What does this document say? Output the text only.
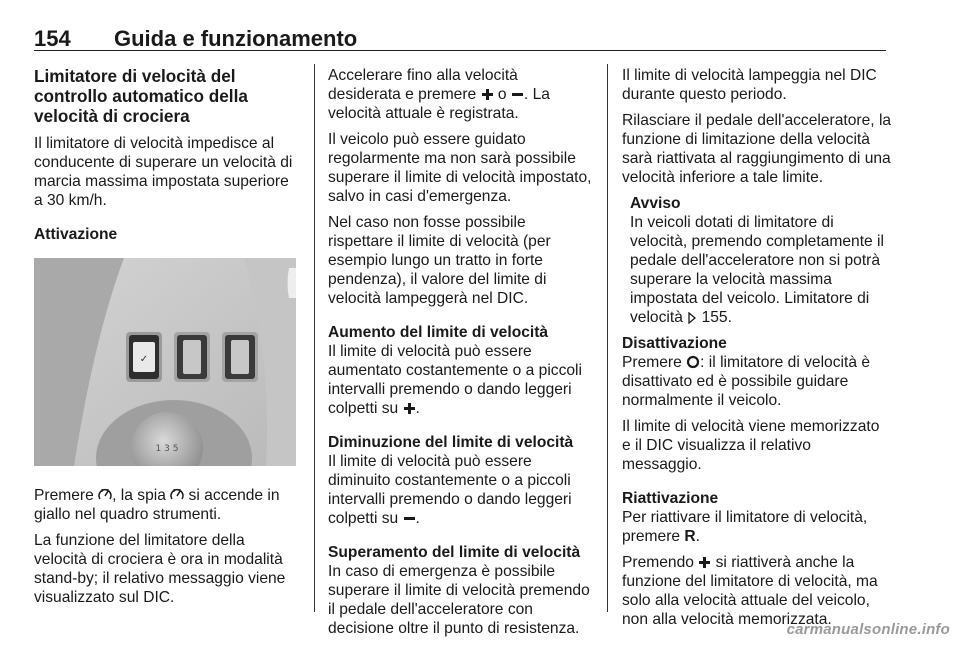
154 Guida e funzionamento
Limitatore di velocità del controllo automatico della velocità di crociera

Il limitatore di velocità impedisce al conducente di superare un velocità di marcia massima impostata superiore a 30 km/h.

Attivazione
✓
1 3 5

Premere , la spia  si accende in giallo nel quadro strumenti.

La funzione del limitatore della velocità di crociera è ora in modalità stand-by; il relativo messaggio viene visualizzato sul DIC.

Accelerare fino alla velocità desiderata e premere  o . La velocità attuale è registrata.

Il veicolo può essere guidato regolarmente ma non sarà possibile superare il limite di velocità impostato, salvo in casi d'emergenza.

Nel caso non fosse possibile rispettare il limite di velocità (per esempio lungo un tratto in forte pendenza), il valore del limite di velocità lampeggerà nel DIC.

Aumento del limite di velocità

Il limite di velocità può essere aumentato costantemente o a piccoli intervalli premendo o dando leggeri colpetti su .

Diminuzione del limite di velocità

Il limite di velocità può essere diminuito costantemente o a piccoli intervalli premendo o dando leggeri colpetti su .

Superamento del limite di velocità

In caso di emergenza è possibile superare il limite di velocità premendo il pedale dell'acceleratore con decisione oltre il punto di resistenza.

Il limite di velocità lampeggia nel DIC durante questo periodo.

Rilasciare il pedale dell'acceleratore, la funzione di limitazione della velocità sarà riattivata al raggiungimento di una velocità inferiore a tale limite.

Avviso

In veicoli dotati di limitatore di velocità, premendo completamente il pedale dell'acceleratore non si potrà superare la velocità massima impostata del veicolo. Limitatore di velocità  155.

Disattivazione

Premere : il limitatore di velocità è disattivato ed è possibile guidare normalmente il veicolo.

Il limite di velocità viene memorizzato e il DIC visualizza il relativo messaggio.

Riattivazione

Per riattivare il limitatore di velocità, premere R.

Premendo  si riattiverà anche la funzione del limitatore di velocità, ma solo alla velocità attuale del veicolo, non alla velocità memorizzata.

carmanualsonline.info
